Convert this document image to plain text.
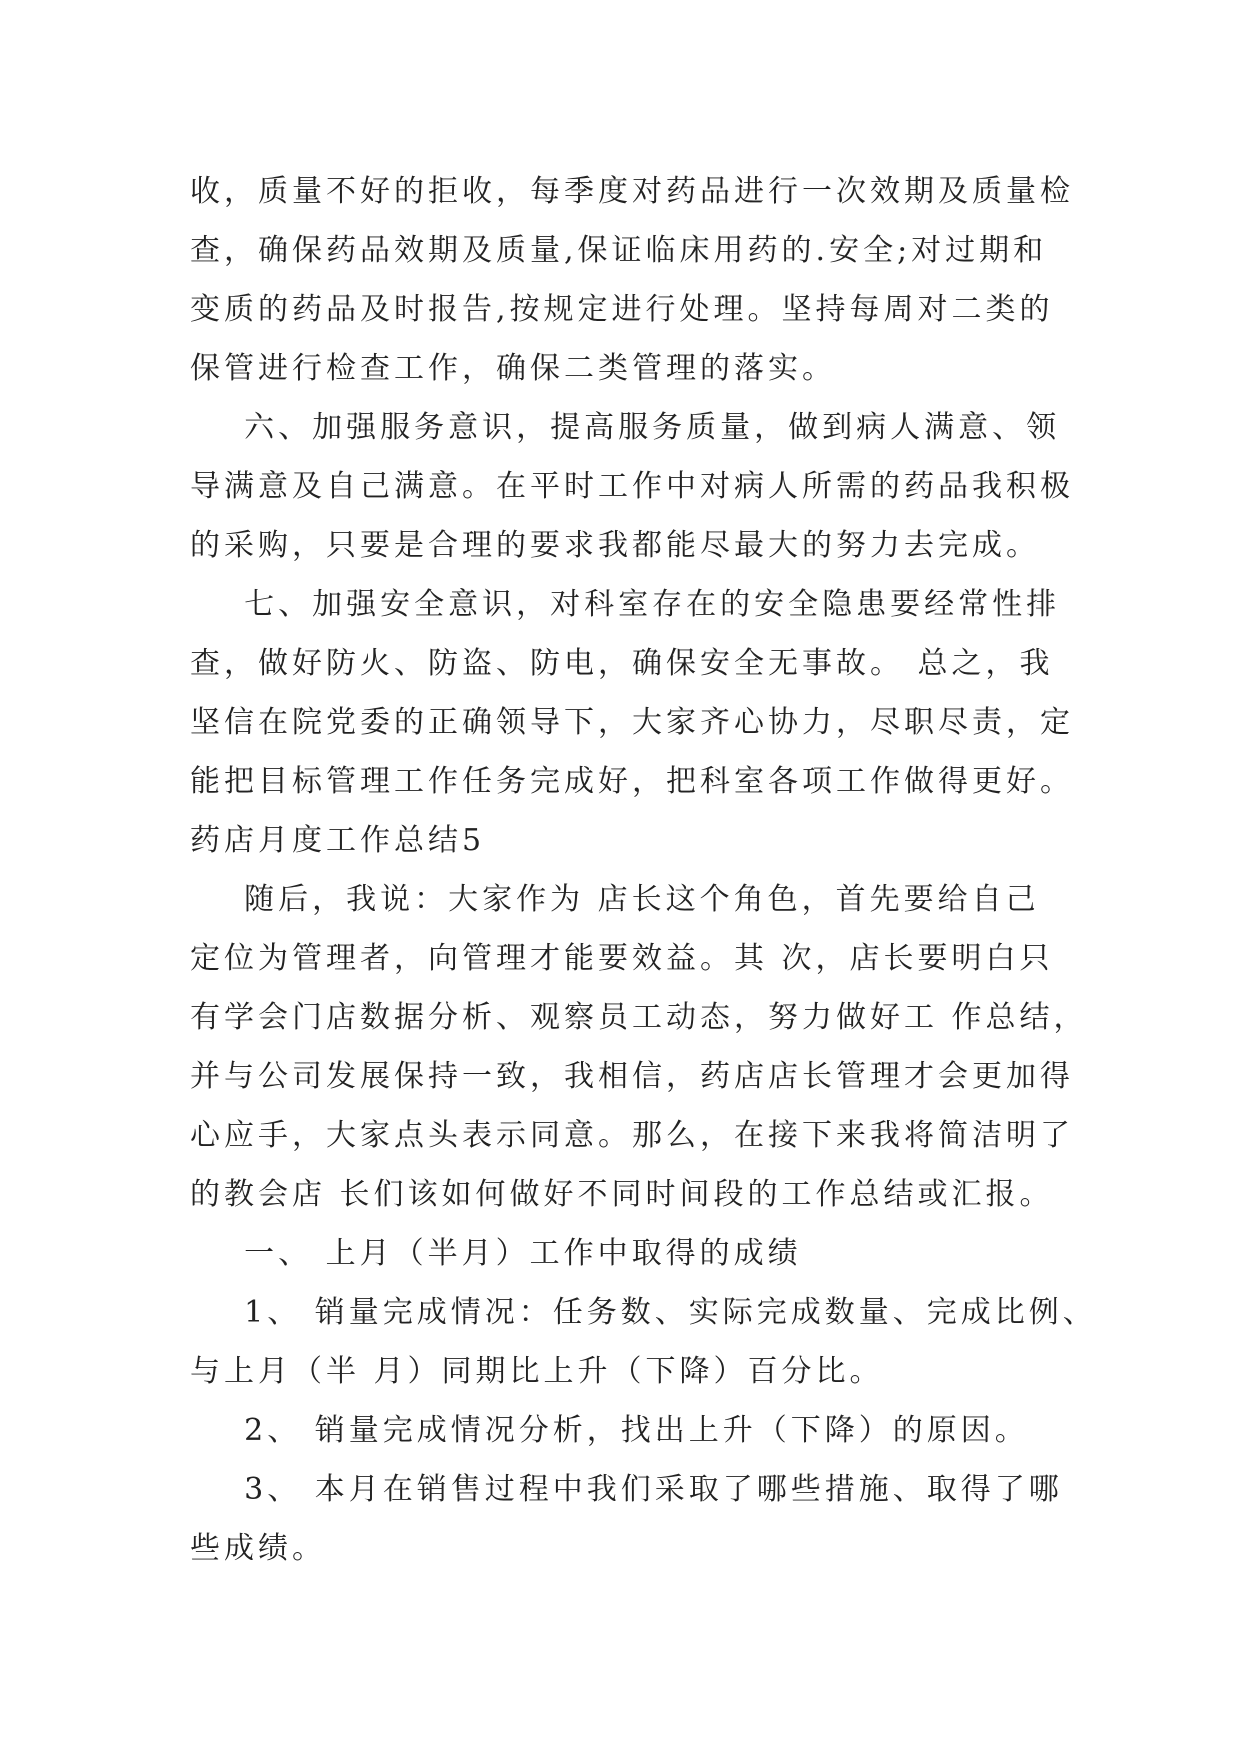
收，质量不好的拒收，每季度对药品进行一次效期及质量检
查，确保药品效期及质量,保证临床用药的.安全;对过期和
变质的药品及时报告,按规定进行处理。坚持每周对二类的
保管进行检查工作，确保二类管理的落实。
六、加强服务意识，提高服务质量，做到病人满意、领
导满意及自己满意。在平时工作中对病人所需的药品我积极
的采购，只要是合理的要求我都能尽最大的努力去完成。
七、加强安全意识，对科室存在的安全隐患要经常性排
查，做好防火、防盗、防电，确保安全无事故。 总之，我
坚信在院党委的正确领导下，大家齐心协力，尽职尽责，定
能把目标管理工作任务完成好，把科室各项工作做得更好。
药店月度工作总结5
随后，我说：大家作为 店长这个角色，首先要给自己
定位为管理者，向管理才能要效益。其 次，店长要明白只
有学会门店数据分析、观察员工动态，努力做好工 作总结，
并与公司发展保持一致，我相信，药店店长管理才会更加得
心应手，大家点头表示同意。那么，在接下来我将简洁明了
的教会店 长们该如何做好不同时间段的工作总结或汇报。
一、 上月（半月）工作中取得的成绩
1、 销量完成情况：任务数、实际完成数量、完成比例、
与上月（半 月）同期比上升（下降）百分比。
2、 销量完成情况分析，找出上升（下降）的原因。
3、 本月在销售过程中我们采取了哪些措施、取得了哪
些成绩。
